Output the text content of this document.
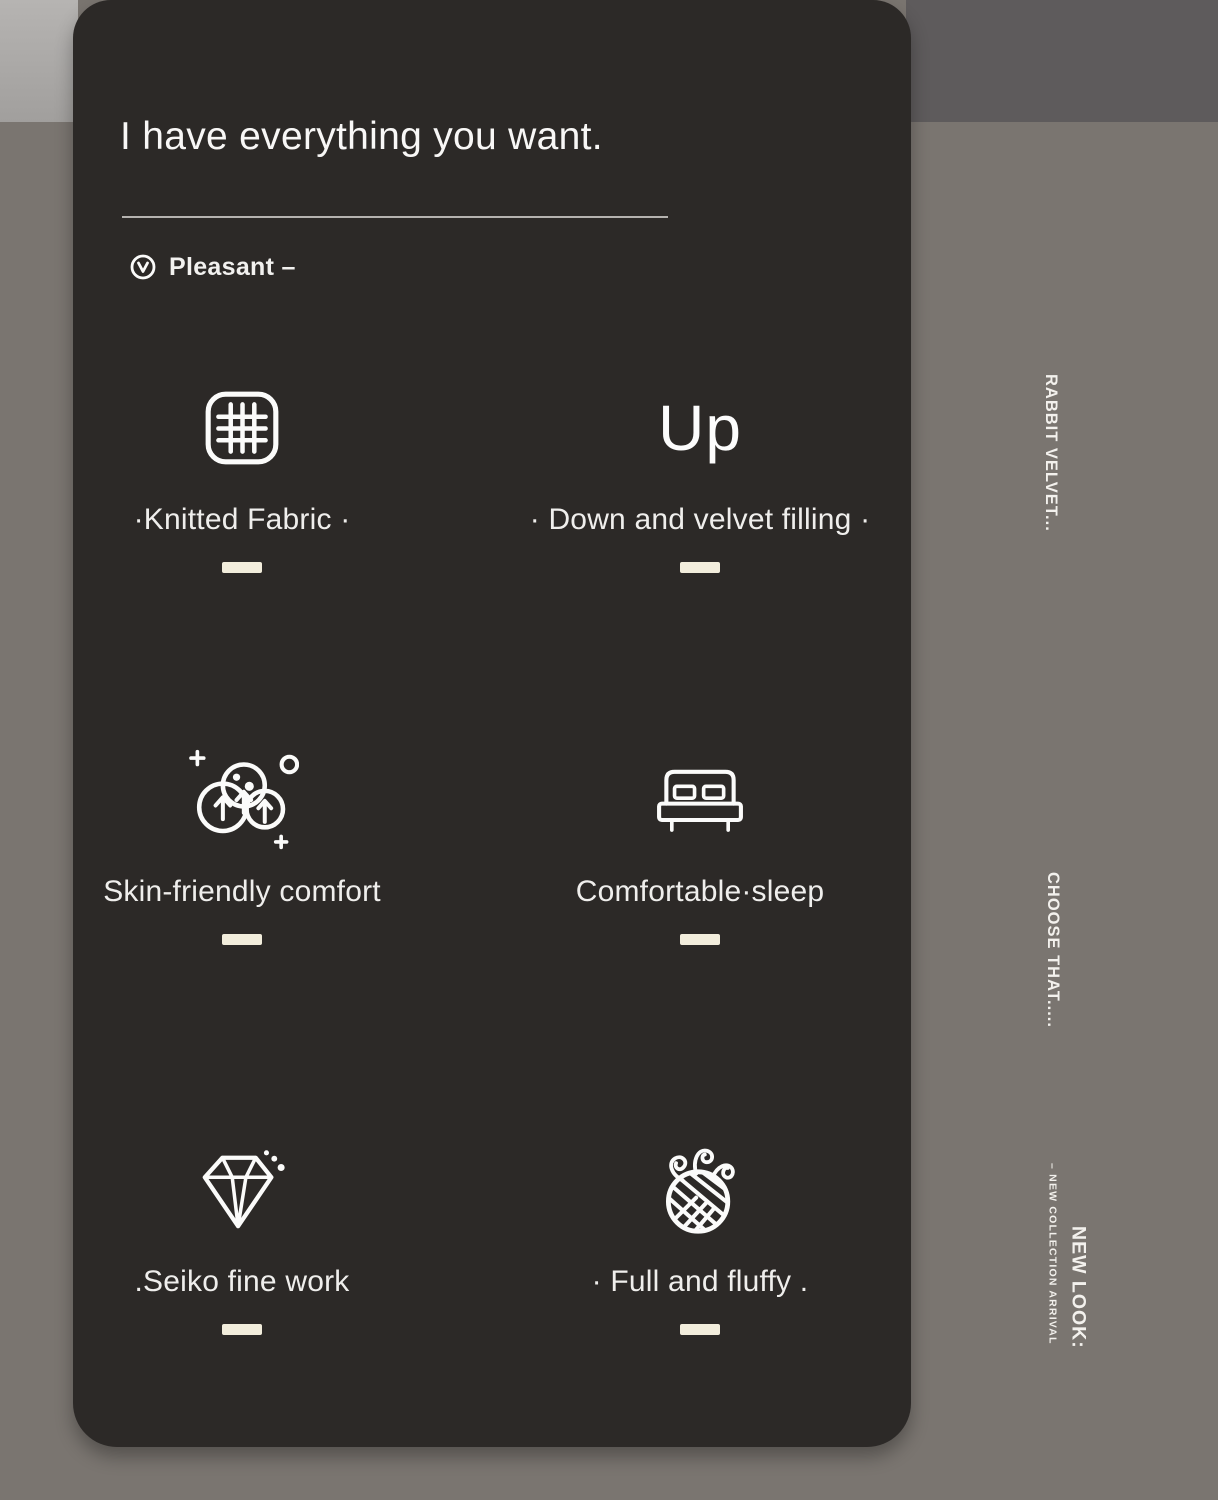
I have everything you want.
Pleasant –
·Knitted Fabric ·
Up
· Down and velvet filling ·
Skin-friendly comfort	Comfortable·sleep
.Seiko fine work	· Full and fluffy .
RABBIT VELVET...
CHOOSE THAT.....
NEW LOOK:
– NEW COLLECTION ARRIVAL
